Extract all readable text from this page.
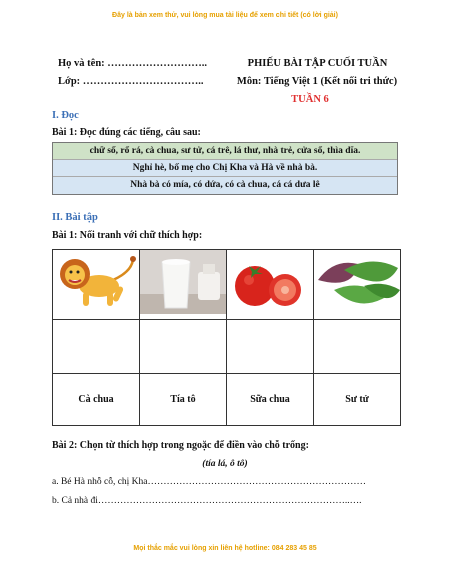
Đây là bản xem thử, vui lòng mua tài liệu để xem chi tiết (có lời giải)
Họ và tên: ………………………..
Lớp: ……………………………..
PHIẾU BÀI TẬP CUỐI TUẦN
Môn: Tiếng Việt 1 (Kết nối tri thức)
TUẦN 6
I. Đọc
Bài 1: Đọc đúng các tiếng, câu sau:
chữ số, rổ rá, cà chua, sư tử, cá trê, lá thư, nhà trẻ, cửa sổ, thìa dĩa.
Nghỉ hè, bố mẹ cho Chị Kha và Hà về nhà bà.
Nhà bà có mía, có dứa, có cà chua, cá cá dưa lê
II. Bài tập
Bài 1: Nối tranh với chữ thích hợp:

Cà chua	Tía tô	Sữa chua	Sư tử
Bài 2: Chọn từ thích hợp trong ngoặc để điền vào chỗ trống:
(tía lá, ô tô)
a. Bé Hà nhỗ cỗ, chị Kha……………………………………………………………
b. Cả nhà đi……………………………………………………………………..….
Mọi thắc mắc vui lòng xin liên hệ hotline: 084 283 45 85
